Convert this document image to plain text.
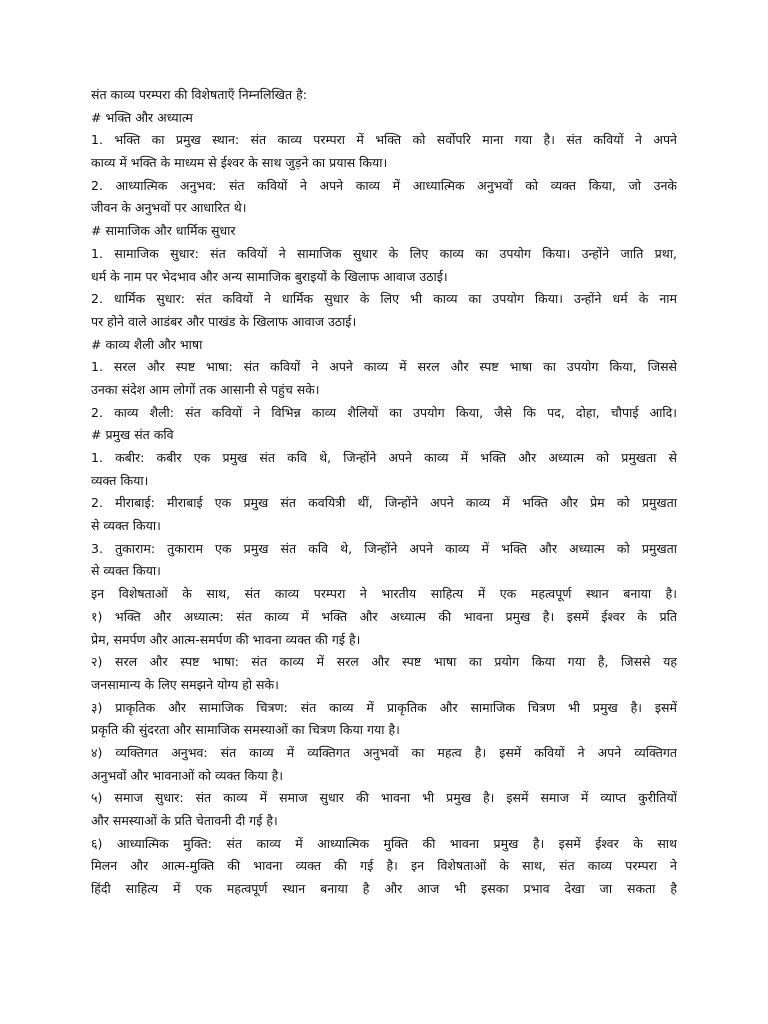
संत काव्य परम्परा की विशेषताएँ निम्नलिखित है:
# भक्ति और अध्यात्म
1. भक्ति का प्रमुख स्थान: संत काव्य परम्परा में भक्ति को सर्वोपरि माना गया है। संत कवियों ने अपने
काव्य में भक्ति के माध्यम से ईश्वर के साथ जुड़ने का प्रयास किया।
2. आध्यात्मिक अनुभव: संत कवियों ने अपने काव्य में आध्यात्मिक अनुभवों को व्यक्त किया, जो उनके
जीवन के अनुभवों पर आधारित थे।
# सामाजिक और धार्मिक सुधार
1. सामाजिक सुधार: संत कवियों ने सामाजिक सुधार के लिए काव्य का उपयोग किया। उन्होंने जाति प्रथा,
धर्म के नाम पर भेदभाव और अन्य सामाजिक बुराइयों के खिलाफ आवाज उठाई।
2. धार्मिक सुधार: संत कवियों ने धार्मिक सुधार के लिए भी काव्य का उपयोग किया। उन्होंने धर्म के नाम
पर होने वाले आडंबर और पाखंड के खिलाफ आवाज उठाई।
# काव्य शैली और भाषा
1. सरल और स्पष्ट भाषा: संत कवियों ने अपने काव्य में सरल और स्पष्ट भाषा का उपयोग किया, जिससे
उनका संदेश आम लोगों तक आसानी से पहुंच सके।
2. काव्य शैली: संत कवियों ने विभिन्न काव्य शैलियों का उपयोग किया, जैसे कि पद, दोहा, चौपाई आदि।
# प्रमुख संत कवि
1. कबीर: कबीर एक प्रमुख संत कवि थे, जिन्होंने अपने काव्य में भक्ति और अध्यात्म को प्रमुखता से
व्यक्त किया।
2. मीराबाई: मीराबाई एक प्रमुख संत कवयित्री थीं, जिन्होंने अपने काव्य में भक्ति और प्रेम को प्रमुखता
से व्यक्त किया।
3. तुकाराम: तुकाराम एक प्रमुख संत कवि थे, जिन्होंने अपने काव्य में भक्ति और अध्यात्म को प्रमुखता
से व्यक्त किया।
इन विशेषताओं के साथ, संत काव्य परम्परा ने भारतीय साहित्य में एक महत्वपूर्ण स्थान बनाया है।
१) भक्ति और अध्यात्म: संत काव्य में भक्ति और अध्यात्म की भावना प्रमुख है। इसमें ईश्वर के प्रति
प्रेम, समर्पण और आत्म-समर्पण की भावना व्यक्त की गई है।
२) सरल और स्पष्ट भाषा: संत काव्य में सरल और स्पष्ट भाषा का प्रयोग किया गया है, जिससे यह
जनसामान्य के लिए समझने योग्य हो सके।
३) प्राकृतिक और सामाजिक चित्रण: संत काव्य में प्राकृतिक और सामाजिक चित्रण भी प्रमुख है। इसमें
प्रकृति की सुंदरता और सामाजिक समस्याओं का चित्रण किया गया है।
४) व्यक्तिगत अनुभव: संत काव्य में व्यक्तिगत अनुभवों का महत्व है। इसमें कवियों ने अपने व्यक्तिगत
अनुभवों और भावनाओं को व्यक्त किया है।
५) समाज सुधार: संत काव्य में समाज सुधार की भावना भी प्रमुख है। इसमें समाज में व्याप्त कुरीतियों
और समस्याओं के प्रति चेतावनी दी गई है।
६) आध्यात्मिक मुक्ति: संत काव्य में आध्यात्मिक मुक्ति की भावना प्रमुख है। इसमें ईश्वर के साथ
मिलन और आत्म-मुक्ति की भावना व्यक्त की गई है। इन विशेषताओं के साथ, संत काव्य परम्परा ने
हिंदी साहित्य में एक महत्वपूर्ण स्थान बनाया है और आज भी इसका प्रभाव देखा जा सकता है
